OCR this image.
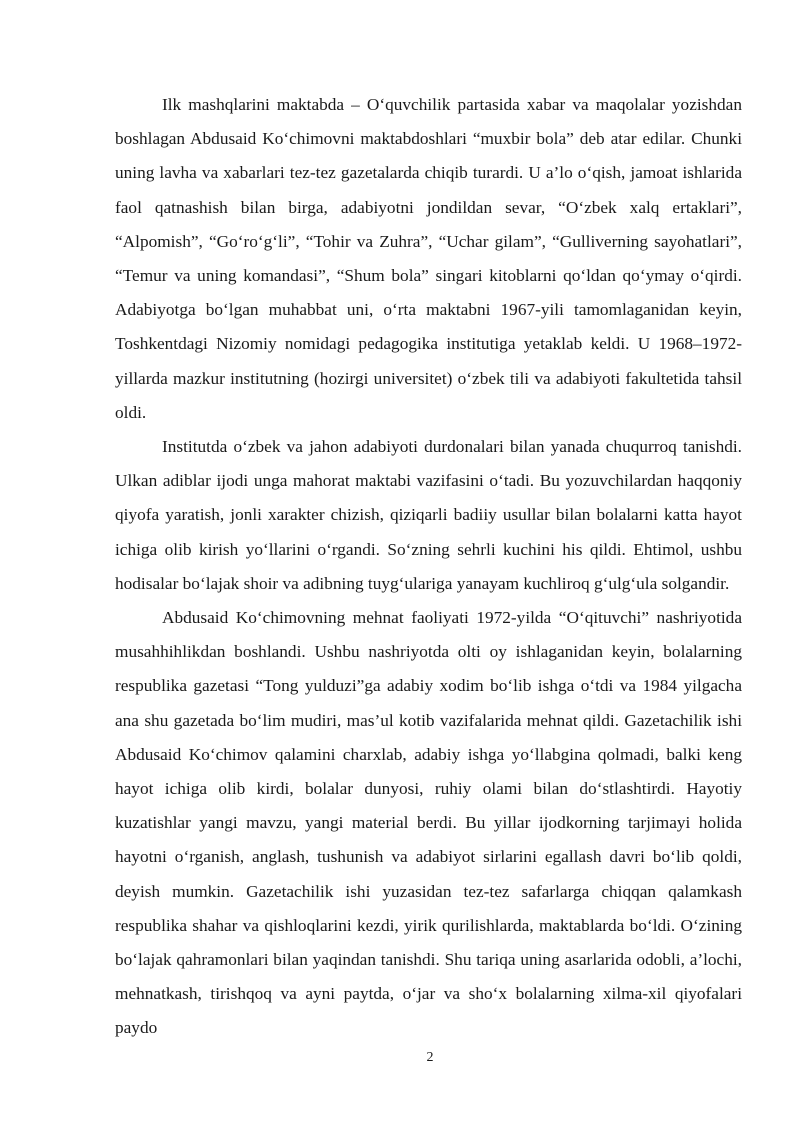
Ilk mashqlarini maktabda – O‘quvchilik partasida xabar va maqolalar yozishdan boshlagan Abdusaid Ko‘chimovni maktabdoshlari “muxbir bola” deb atar edilar. Chunki uning lavha va xabarlari tez-tez gazetalarda chiqib turardi. U a’lo o‘qish, jamoat ishlarida faol qatnashish bilan birga, adabiyotni jondildan sevar, “O‘zbek xalq ertaklari”, “Alpomish”, “Go‘ro‘g‘li”, “Tohir va Zuhra”, “Uchar gilam”, “Gulliverning sayohatlari”, “Temur va uning komandasi”, “Shum bola” singari kitoblarni qo‘ldan qo‘ymay o‘qirdi. Adabiyotga bo‘lgan muhabbat uni, o‘rta maktabni 1967-yili tamomlaganidan keyin, Toshkentdagi Nizomiy nomidagi pedagogika institutiga yetaklab keldi. U 1968–1972-yillarda mazkur institutning (hozirgi universitet) o‘zbek tili va adabiyoti fakultetida tahsil oldi.

Institutda o‘zbek va jahon adabiyoti durdonalari bilan yanada chuqurroq tanishdi. Ulkan adiblar ijodi unga mahorat maktabi vazifasini o‘tadi. Bu yozuvchilardan haqqoniy qiyofa yaratish, jonli xarakter chizish, qiziqarli badiiy usullar bilan bolalarni katta hayot ichiga olib kirish yo‘llarini o‘rgandi. So‘zning sehrli kuchini his qildi. Ehtimol, ushbu hodisalar bo‘lajak shoir va adibning tuyg‘ulariga yanayam kuchliroq g‘ulg‘ula solgandir.

Abdusaid Ko‘chimovning mehnat faoliyati 1972-yilda “O‘qituvchi” nashriyotida musahhihlikdan boshlandi. Ushbu nashriyotda olti oy ishlaganidan keyin, bolalarning respublika gazetasi “Tong yulduzi”ga adabiy xodim bo‘lib ishga o‘tdi va 1984 yilgacha ana shu gazetada bo‘lim mudiri, mas’ul kotib vazifalarida mehnat qildi. Gazetachilik ishi Abdusaid Ko‘chimov qalamini charxlab, adabiy ishga yo‘llabgina qolmadi, balki keng hayot ichiga olib kirdi, bolalar dunyosi, ruhiy olami bilan do‘stlashtirdi. Hayotiy kuzatishlar yangi mavzu, yangi material berdi. Bu yillar ijodkorning tarjimayi holida hayotni o‘rganish, anglash, tushunish va adabiyot sirlarini egallash davri bo‘lib qoldi, deyish mumkin. Gazetachilik ishi yuzasidan tez-tez safarlarga chiqqan qalamkash respublika shahar va qishloqlarini kezdi, yirik qurilishlarda, maktablarda bo‘ldi. O‘zining bo‘lajak qahramonlari bilan yaqindan tanishdi. Shu tariqa uning asarlarida odobli, a’lochi, mehnatkash, tirishqoq va ayni paytda, o‘jar va sho‘x bolalarning xilma-xil qiyofalari paydo

2
